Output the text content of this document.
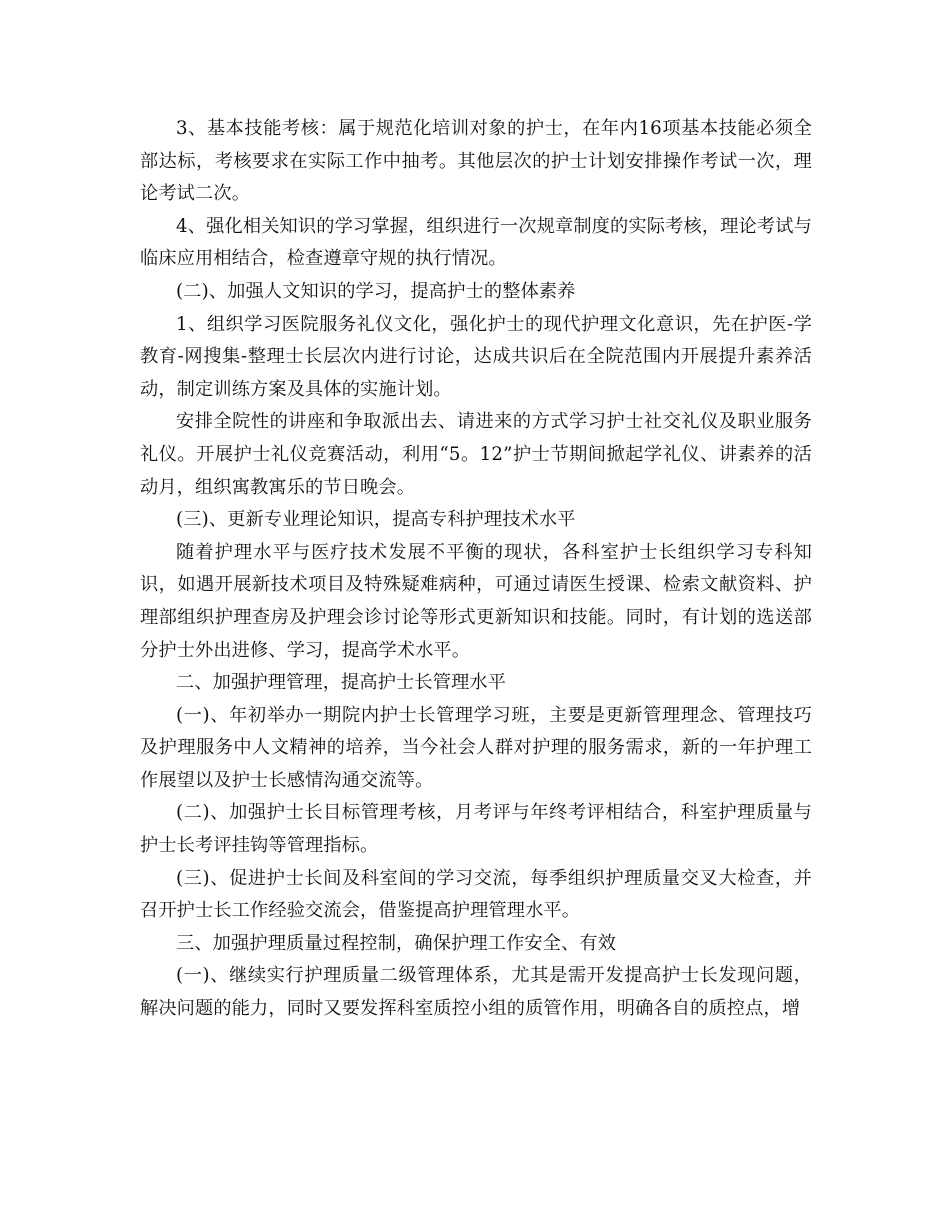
3、基本技能考核：属于规范化培训对象的护士，在年内16项基本技能必须全部达标，考核要求在实际工作中抽考。其他层次的护士计划安排操作考试一次，理论考试二次。

4、强化相关知识的学习掌握，组织进行一次规章制度的实际考核，理论考试与临床应用相结合，检查遵章守规的执行情况。

(二)、加强人文知识的学习，提高护士的整体素养

1、组织学习医院服务礼仪文化，强化护士的现代护理文化意识，先在护医-学教育-网搜集-整理士长层次内进行讨论，达成共识后在全院范围内开展提升素养活动，制定训练方案及具体的实施计划。

安排全院性的讲座和争取派出去、请进来的方式学习护士社交礼仪及职业服务礼仪。开展护士礼仪竞赛活动，利用“5。12”护士节期间掀起学礼仪、讲素养的活动月，组织寓教寓乐的节日晚会。

(三)、更新专业理论知识，提高专科护理技术水平

随着护理水平与医疗技术发展不平衡的现状，各科室护士长组织学习专科知识，如遇开展新技术项目及特殊疑难病种，可通过请医生授课、检索文献资料、护理部组织护理查房及护理会诊讨论等形式更新知识和技能。同时，有计划的选送部分护士外出进修、学习，提高学术水平。

二、加强护理管理，提高护士长管理水平

(一)、年初举办一期院内护士长管理学习班，主要是更新管理理念、管理技巧及护理服务中人文精神的培养，当今社会人群对护理的服务需求，新的一年护理工作展望以及护士长感情沟通交流等。

(二)、加强护士长目标管理考核，月考评与年终考评相结合，科室护理质量与护士长考评挂钩等管理指标。

(三)、促进护士长间及科室间的学习交流，每季组织护理质量交叉大检查，并召开护士长工作经验交流会，借鉴提高护理管理水平。

三、加强护理质量过程控制，确保护理工作安全、有效

(一)、继续实行护理质量二级管理体系，尤其是需开发提高护士长发现问题，解决问题的能力，同时又要发挥科室质控小组的质管作用，明确各自的质控点，增
